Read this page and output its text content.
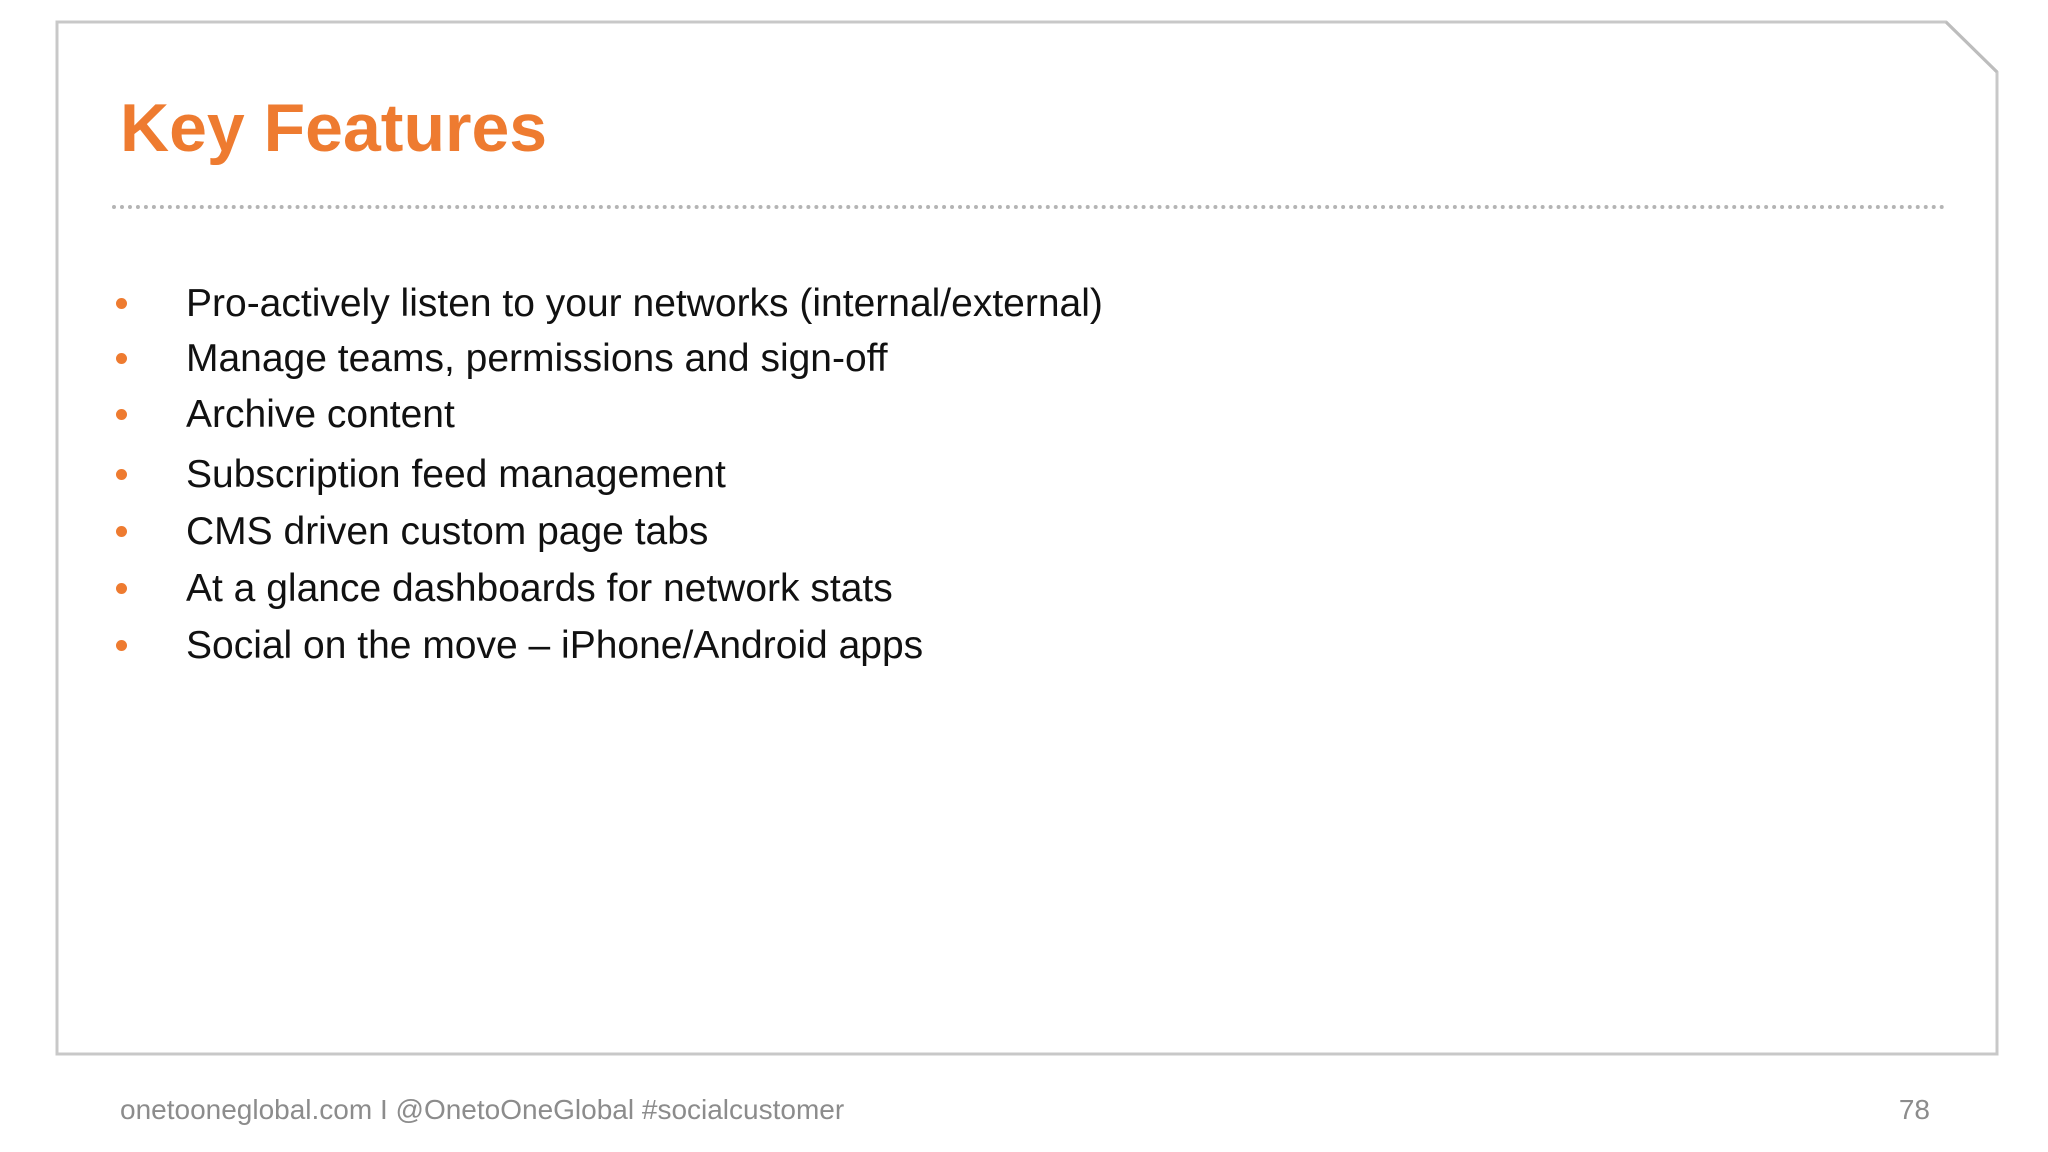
Key Features
Pro-actively listen to your networks (internal/external)
Manage teams, permissions and sign-off
Archive content
Subscription feed management
CMS driven custom page tabs
At a glance dashboards for network stats
Social on the move – iPhone/Android apps
onetooneglobal.com I @OnetoOneGlobal #socialcustomer	78
